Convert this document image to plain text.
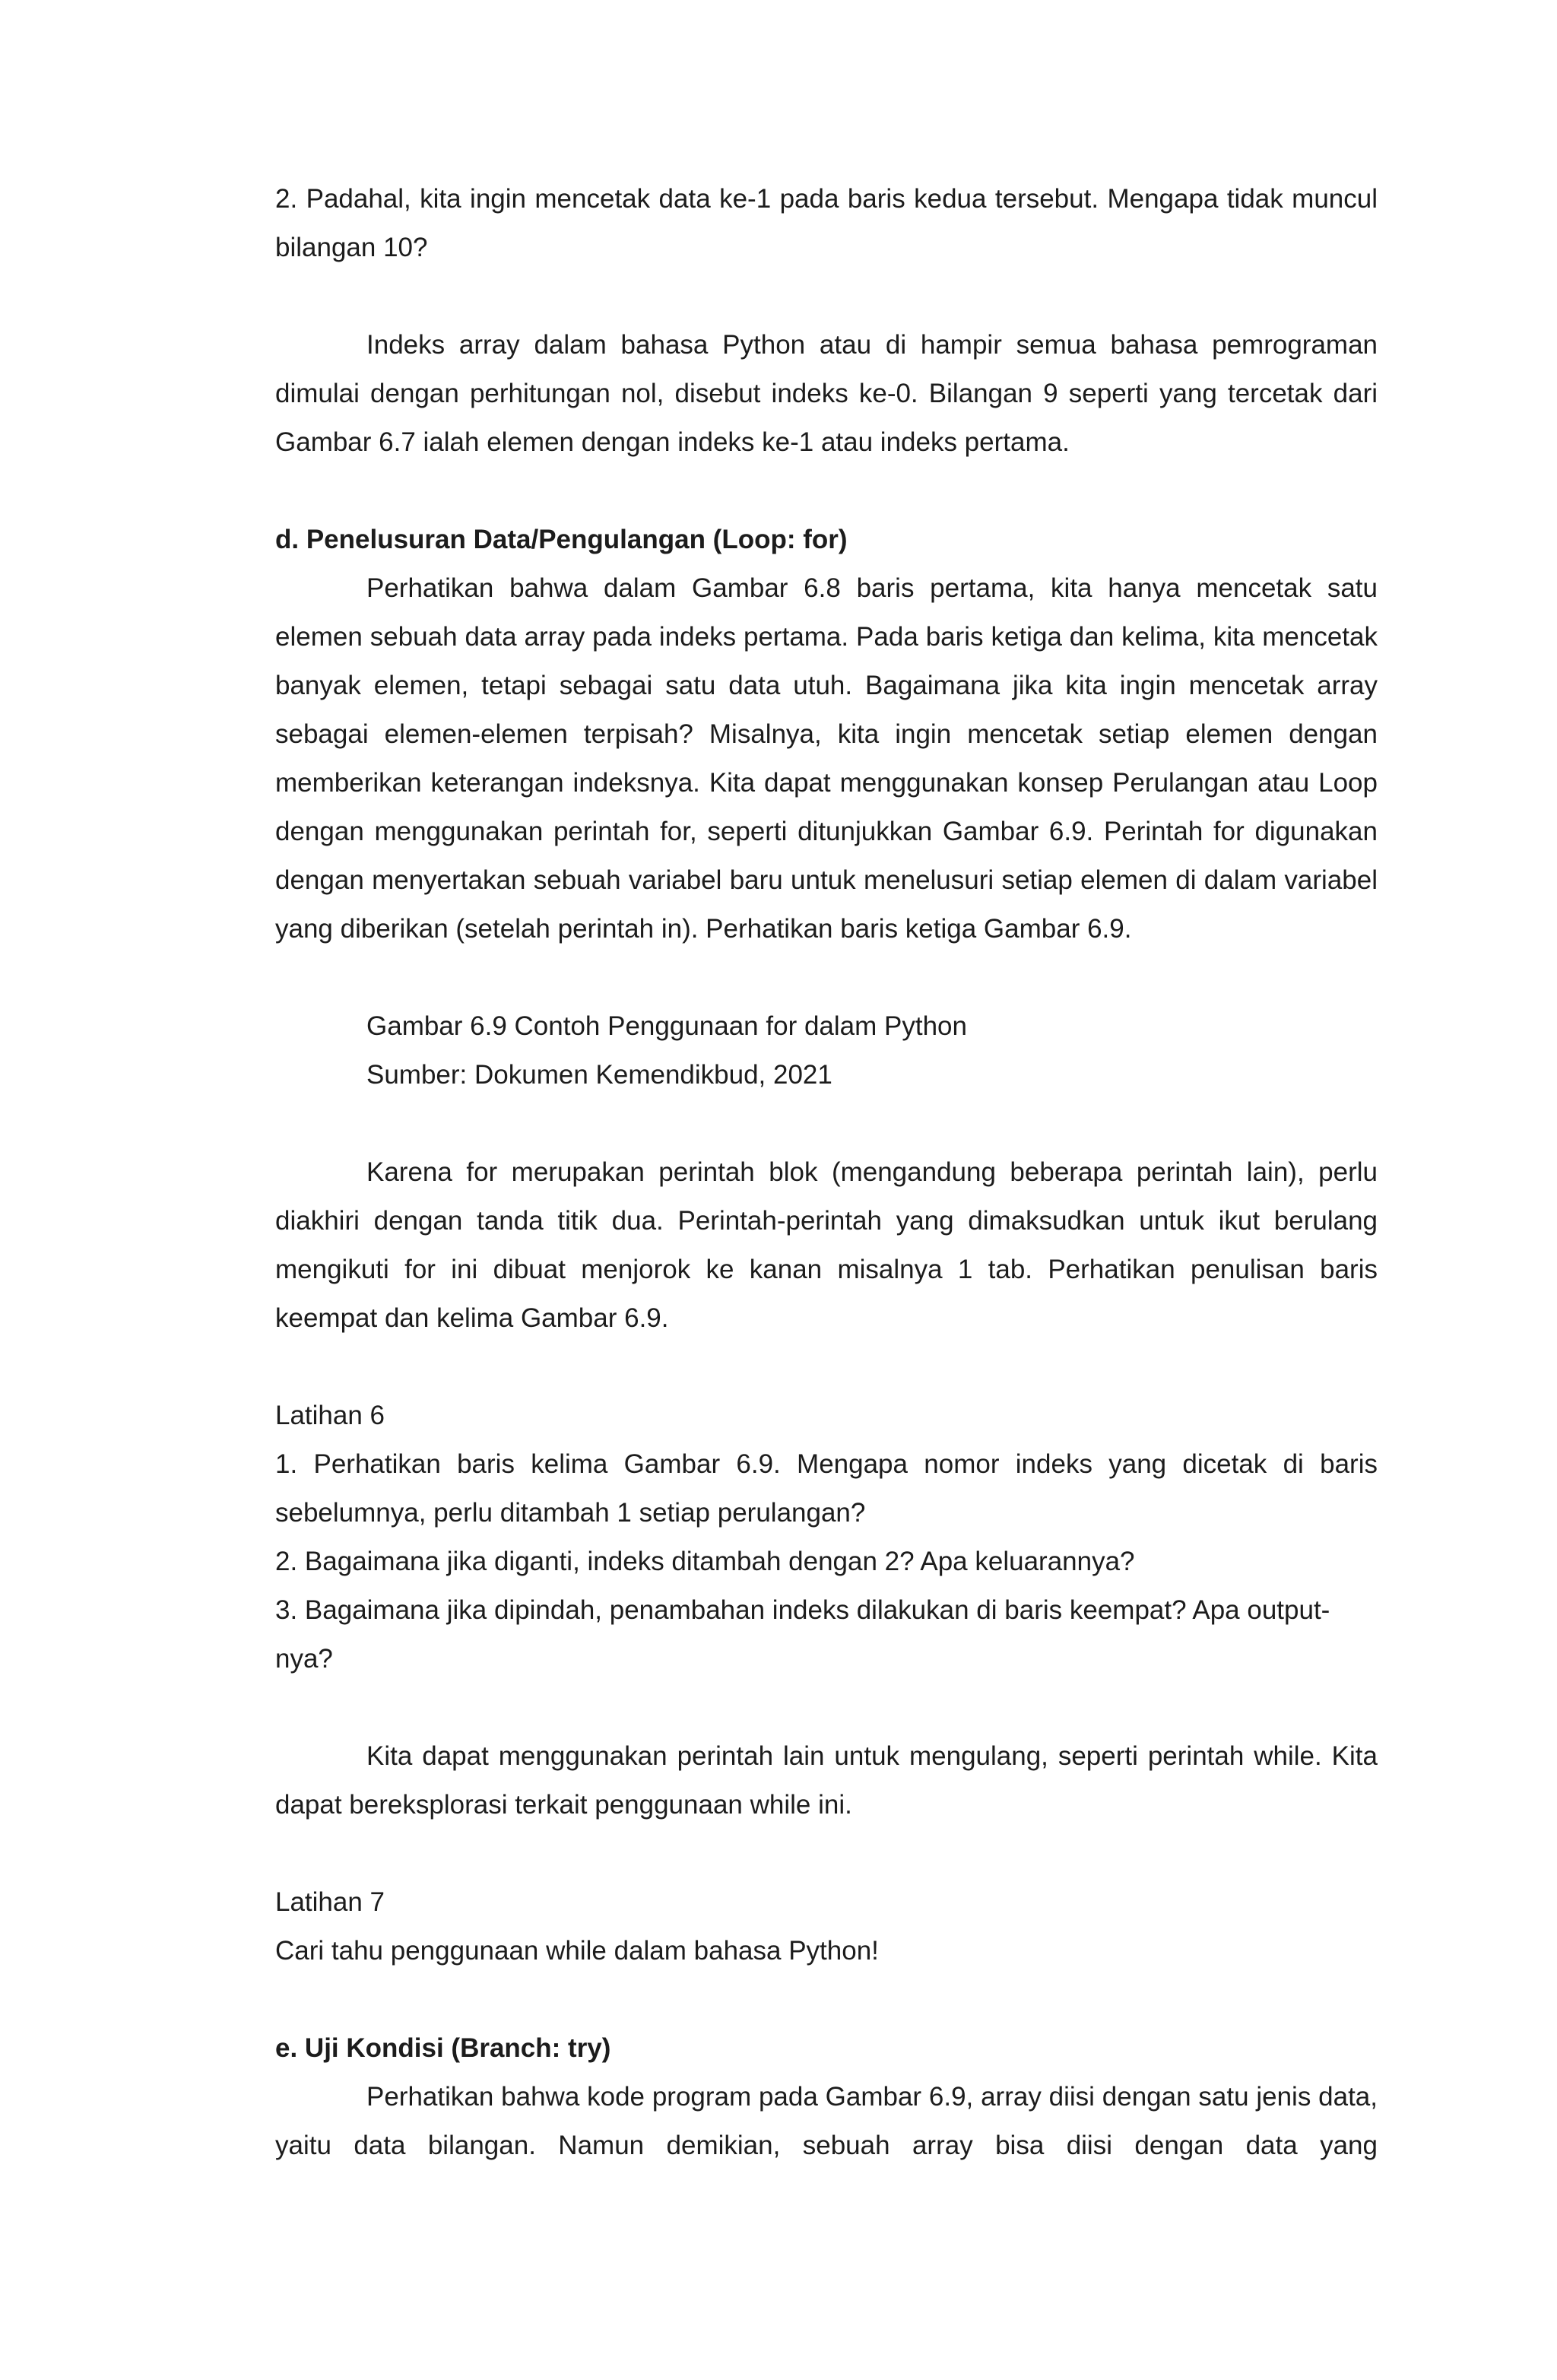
2. Padahal, kita ingin mencetak data ke-1 pada baris kedua tersebut. Mengapa tidak muncul bilangan 10?

Indeks array dalam bahasa Python atau di hampir semua bahasa pemrograman dimulai dengan perhitungan nol, disebut indeks ke-0. Bilangan 9 seperti yang tercetak dari Gambar 6.7 ialah elemen dengan indeks ke-1 atau indeks pertama.

d. Penelusuran Data/Pengulangan (Loop: for)

Perhatikan bahwa dalam Gambar 6.8 baris pertama, kita hanya mencetak satu elemen sebuah data array pada indeks pertama. Pada baris ketiga dan kelima, kita mencetak banyak elemen, tetapi sebagai satu data utuh. Bagaimana jika kita ingin mencetak array sebagai elemen-elemen terpisah? Misalnya, kita ingin mencetak setiap elemen dengan memberikan keterangan indeksnya. Kita dapat menggunakan konsep Perulangan atau Loop dengan menggunakan perintah for, seperti ditunjukkan Gambar 6.9. Perintah for digunakan dengan menyertakan sebuah variabel baru untuk menelusuri setiap elemen di dalam variabel yang diberikan (setelah perintah in). Perhatikan baris ketiga Gambar 6.9.

Gambar 6.9 Contoh Penggunaan for dalam Python

Sumber: Dokumen Kemendikbud, 2021

Karena for merupakan perintah blok (mengandung beberapa perintah lain), perlu diakhiri dengan tanda titik dua. Perintah-perintah yang dimaksudkan untuk ikut berulang mengikuti for ini dibuat menjorok ke kanan misalnya 1 tab. Perhatikan penulisan baris keempat dan kelima Gambar 6.9.

Latihan 6

1. Perhatikan baris kelima Gambar 6.9. Mengapa nomor indeks yang dicetak di baris sebelumnya, perlu ditambah 1 setiap perulangan?

2. Bagaimana jika diganti, indeks ditambah dengan 2? Apa keluarannya?

3. Bagaimana jika dipindah, penambahan indeks dilakukan di baris keempat? Apa output-nya?

Kita dapat menggunakan perintah lain untuk mengulang, seperti perintah while. Kita dapat bereksplorasi terkait penggunaan while ini.

Latihan 7

Cari tahu penggunaan while dalam bahasa Python!

e. Uji Kondisi (Branch: try)

Perhatikan bahwa kode program pada Gambar 6.9, array diisi dengan satu jenis data, yaitu data bilangan. Namun demikian, sebuah array bisa diisi dengan data yang
